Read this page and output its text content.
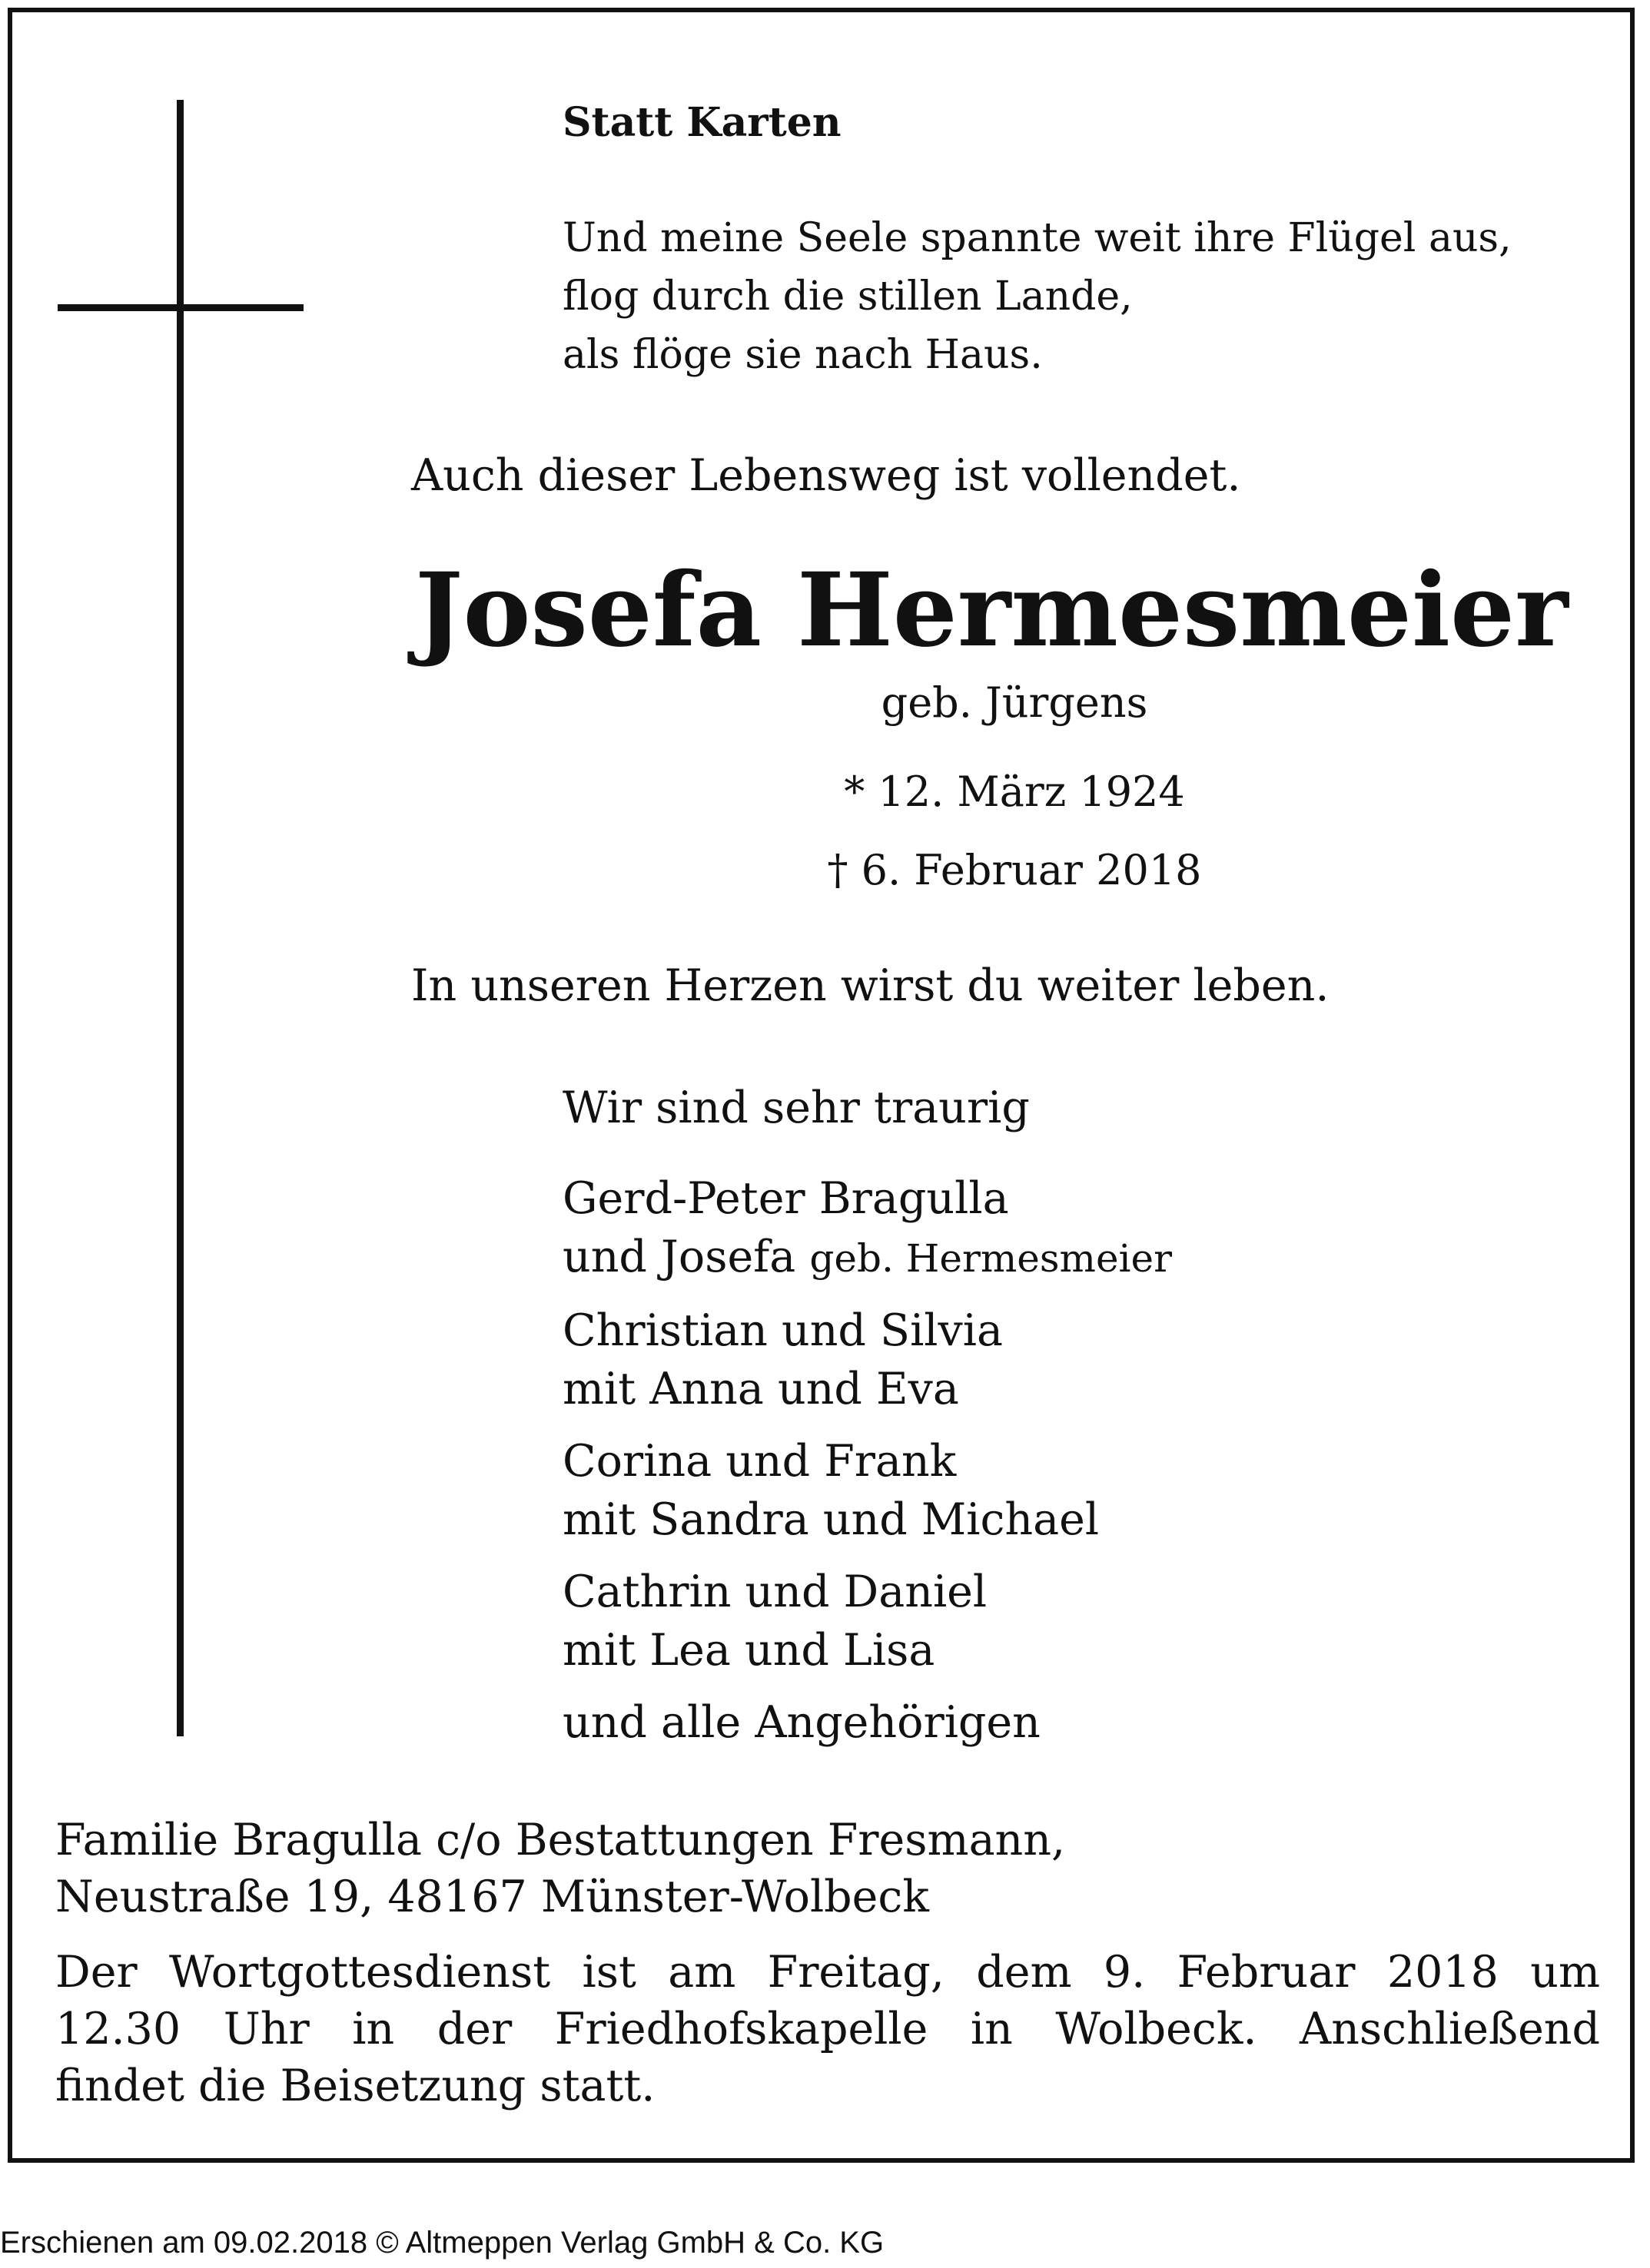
Statt Karten

Und meine Seele spannte weit ihre Flügel aus,
flog durch die stillen Lande,
als flöge sie nach Haus.

Auch dieser Lebensweg ist vollendet.

Josefa Hermesmeier
geb. Jürgens
* 12. März 1924
† 6. Februar 2018

In unseren Herzen wirst du weiter leben.

Wir sind sehr traurig
Gerd-Peter Bragulla
und Josefa geb. Hermesmeier
Christian und Silvia
mit Anna und Eva
Corina und Frank
mit Sandra und Michael
Cathrin und Daniel
mit Lea und Lisa
und alle Angehörigen
Familie Bragulla c/o Bestattungen Fresmann,
Neustraße 19, 48167 Münster-Wolbeck
Der Wortgottesdienst ist am Freitag, dem 9. Februar 2018 um
12.30 Uhr in der Friedhofskapelle in Wolbeck. Anschließend
findet die Beisetzung statt.
Erschienen am 09.02.2018 © Altmeppen Verlag GmbH & Co. KG
